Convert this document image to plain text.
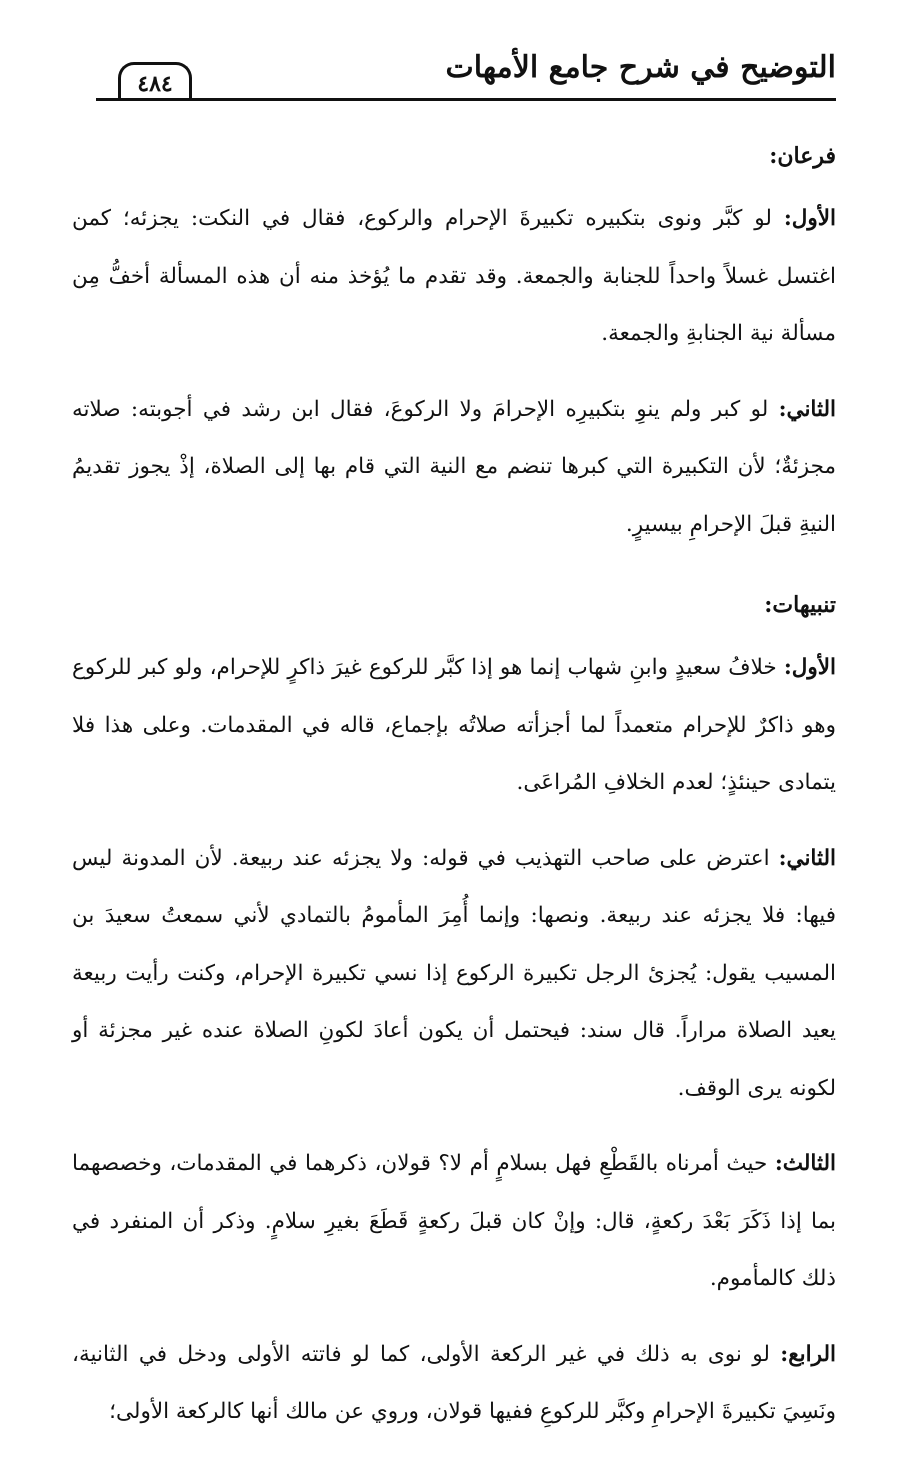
التوضيح في شرح جامع الأمهات
٤٨٤
فرعان:

الأول: لو كبَّر ونوى بتكبيره تكبيرةَ الإحرام والركوع، فقال في النكت: يجزئه؛ كمن اغتسل غسلاً واحداً للجنابة والجمعة. وقد تقدم ما يُؤخذ منه أن هذه المسألة أخفُّ مِن مسألة نية الجنابةِ والجمعة.

الثاني: لو كبر ولم ينوِ بتكبيرِه الإحرامَ ولا الركوعَ، فقال ابن رشد في أجوبته: صلاته مجزئةٌ؛ لأن التكبيرة التي كبرها تنضم مع النية التي قام بها إلى الصلاة، إذْ يجوز تقديمُ النيةِ قبلَ الإحرامِ بيسيرٍ.

تنبيهات:

الأول: خلافُ سعيدٍ وابنِ شهاب إنما هو إذا كبَّر للركوع غيرَ ذاكرٍ للإحرام، ولو كبر للركوع وهو ذاكرٌ للإحرام متعمداً لما أجزأته صلاتُه بإجماع، قاله في المقدمات. وعلى هذا فلا يتمادى حينئذٍ؛ لعدم الخلافِ المُراعَى.

الثاني: اعترض على صاحب التهذيب في قوله: ولا يجزئه عند ربيعة. لأن المدونة ليس فيها: فلا يجزئه عند ربيعة. ونصها: وإنما أُمِرَ المأمومُ بالتمادي لأني سمعتُ سعيدَ بن المسيب يقول: يُجزئ الرجل تكبيرة الركوع إذا نسي تكبيرة الإحرام، وكنت رأيت ربيعة يعيد الصلاة مراراً. قال سند: فيحتمل أن يكون أعادَ لكونِ الصلاة عنده غير مجزئة أو لكونه يرى الوقف.

الثالث: حيث أمرناه بالقَطْعِ فهل بسلامٍ أم لا؟ قولان، ذكرهما في المقدمات، وخصصهما بما إذا ذَكَرَ بَعْدَ ركعةٍ، قال: وإنْ كان قبلَ ركعةٍ قَطَعَ بغيرِ سلامٍ. وذكر أن المنفرد في ذلك كالمأموم.

الرابع: لو نوى به ذلك في غير الركعة الأولى، كما لو فاتته الأولى ودخل في الثانية، ونَسِيَ تكبيرةَ الإحرامِ وكبَّر للركوعِ ففيها قولان، وروي عن مالك أنها كالركعة الأولى؛
